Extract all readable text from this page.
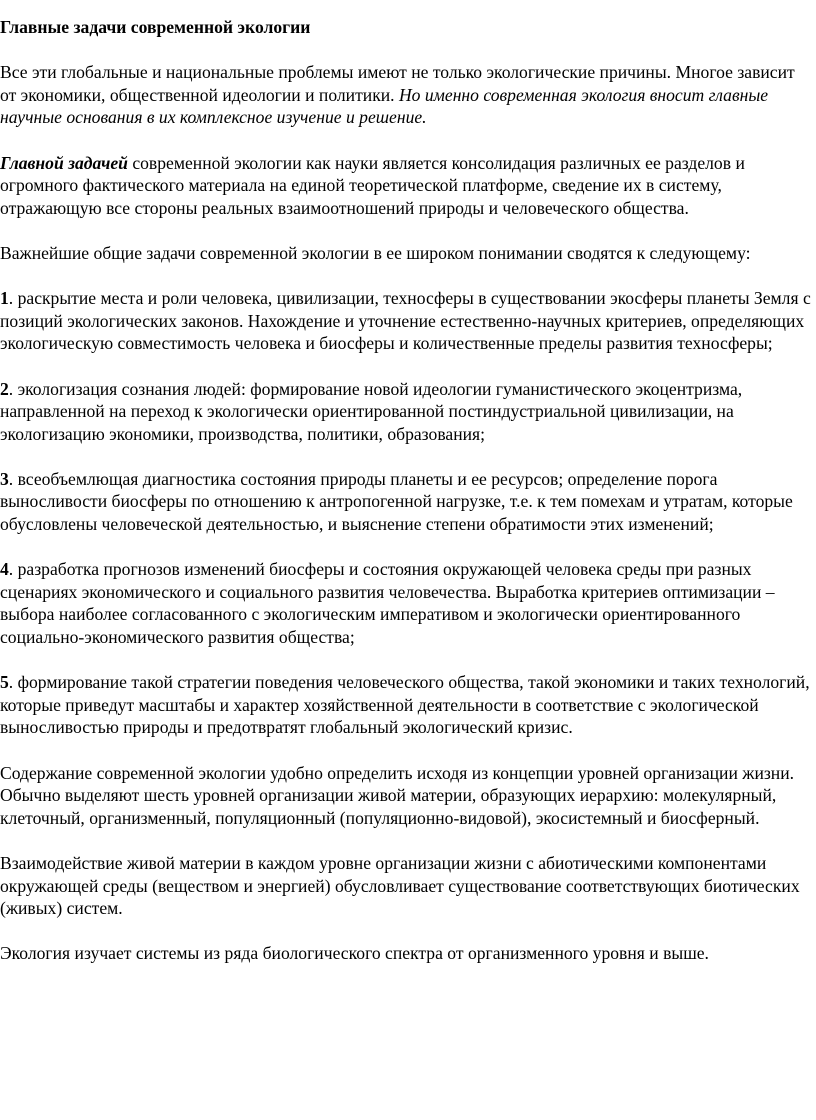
Главные задачи современной экологии

Все эти глобальные и национальные проблемы имеют не только экологические причины. Многое зависит от экономики, общественной идеологии и политики. Но именно современная экология вносит главные научные основания в их комплексное изучение и решение.

Главной задачей современной экологии как науки является консолидация различных ее разделов и огромного фактического материала на единой теоретической платформе, сведение их в систему, отражающую все стороны реальных взаимоотношений природы и человеческого общества.

Важнейшие общие задачи современной экологии в ее широком понимании сводятся к следующему:

1. раскрытие места и роли человека, цивилизации, техносферы в существовании экосферы планеты Земля с позиций экологических законов. Нахождение и уточнение естественно-научных критериев, определяющих экологическую совместимость человека и биосферы и количественные пределы развития техносферы;

2. экологизация сознания людей: формирование новой идеологии гуманистического экоцентризма, направленной на переход к экологически ориентированной постиндустриальной цивилизации, на экологизацию экономики, производства, политики, образования;

3. всеобъемлющая диагностика состояния природы планеты и ее ресурсов; определение порога выносливости биосферы по отношению к антропогенной нагрузке, т.е. к тем помехам и утратам, которые обусловлены человеческой деятельностью, и выяснение степени обратимости этих изменений;

4. разработка прогнозов изменений биосферы и состояния окружающей человека среды при разных сценариях экономического и социального развития человечества. Выработка критериев оптимизации – выбора наиболее согласованного с экологическим императивом и экологически ориентированного социально-экономического развития общества;

5. формирование такой стратегии поведения человеческого общества, такой экономики и таких технологий, которые приведут масштабы и характер хозяйственной деятельности в соответствие с экологической выносливостью природы и предотвратят глобальный экологический кризис.

Содержание современной экологии удобно определить исходя из концепции уровней организации жизни. Обычно выделяют шесть уровней организации живой материи, образующих иерархию: молекулярный, клеточный, организменный, популяционный (популяционно-видовой), экосистемный и биосферный.

Взаимодействие живой материи в каждом уровне организации жизни с абиотическими компонентами окружающей среды (веществом и энергией) обусловливает существование соответствующих биотических (живых) систем.

Экология изучает системы из ряда биологического спектра от организменного уровня и выше.
